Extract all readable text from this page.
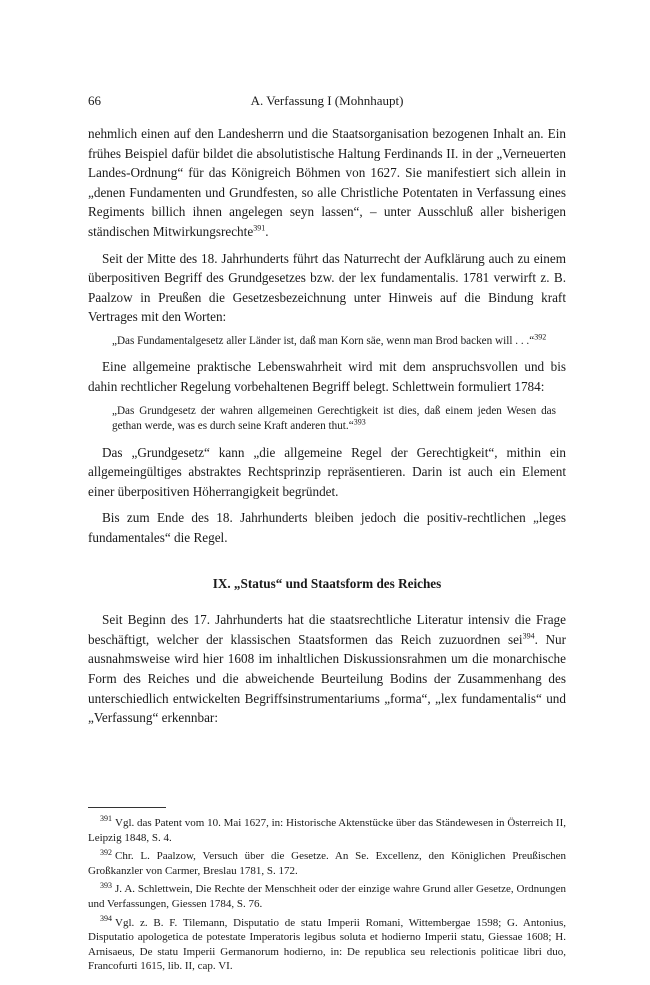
66	A. Verfassung I (Mohnhaupt)

nehmlich einen auf den Landesherrn und die Staatsorganisation bezogenen Inhalt an. Ein frühes Beispiel dafür bildet die absolutistische Haltung Ferdinands II. in der „Verneuerten Landes-Ordnung“ für das Königreich Böhmen von 1627. Sie manifestiert sich allein in „denen Fundamenten und Grundfesten, so alle Christliche Potentaten in Verfassung eines Regiments billich ihnen angelegen seyn lassen“, – unter Ausschluß aller bisherigen ständischen Mitwirkungsrechte$^{391}$.

Seit der Mitte des 18. Jahrhunderts führt das Naturrecht der Aufklärung auch zu einem überpositiven Begriff des Grundgesetzes bzw. der lex fundamentalis. 1781 verwirft z. B. Paalzow in Preußen die Gesetzesbezeichnung unter Hinweis auf die Bindung kraft Vertrages mit den Worten:

„Das Fundamentalgesetz aller Länder ist, daß man Korn säe, wenn man Brod backen will . . .“$^{392}$

Eine allgemeine praktische Lebenswahrheit wird mit dem anspruchsvollen und bis dahin rechtlicher Regelung vorbehaltenen Begriff belegt. Schlettwein formuliert 1784:

„Das Grundgesetz der wahren allgemeinen Gerechtigkeit ist dies, daß einem jeden Wesen das gethan werde, was es durch seine Kraft anderen thut.“$^{393}$

Das „Grundgesetz“ kann „die allgemeine Regel der Gerechtigkeit“, mithin ein allgemeingültiges abstraktes Rechtsprinzip repräsentieren. Darin ist auch ein Element einer überpositiven Höherrangigkeit begründet.

Bis zum Ende des 18. Jahrhunderts bleiben jedoch die positiv-rechtlichen „leges fundamentales“ die Regel.

IX. „Status“ und Staatsform des Reiches

Seit Beginn des 17. Jahrhunderts hat die staatsrechtliche Literatur intensiv die Frage beschäftigt, welcher der klassischen Staatsformen das Reich zuzuordnen sei$^{394}$. Nur ausnahmsweise wird hier 1608 im inhaltlichen Diskussionsrahmen um die monarchische Form des Reiches und die abweichende Beurteilung Bodins der Zusammenhang des unterschiedlich entwickelten Begriffsinstrumentariums „forma“, „lex fundamentalis“ und „Verfassung“ erkennbar:

$^{391}$ Vgl. das Patent vom 10. Mai 1627, in: Historische Aktenstücke über das Ständewesen in Österreich II, Leipzig 1848, S. 4.

$^{392}$ Chr. L. Paalzow, Versuch über die Gesetze. An Se. Excellenz, den Königlichen Preußischen Großkanzler von Carmer, Breslau 1781, S. 172.

$^{393}$ J. A. Schlettwein, Die Rechte der Menschheit oder der einzige wahre Grund aller Gesetze, Ordnungen und Verfassungen, Giessen 1784, S. 76.

$^{394}$ Vgl. z. B. F. Tilemann, Disputatio de statu Imperii Romani, Wittembergae 1598; G. Antonius, Disputatio apologetica de potestate Imperatoris legibus soluta et hodierno Imperii statu, Giessae 1608; H. Arnisaeus, De statu Imperii Germanorum hodierno, in: De republica seu relectionis politicae libri duo, Francofurti 1615, lib. II, cap. VI.
